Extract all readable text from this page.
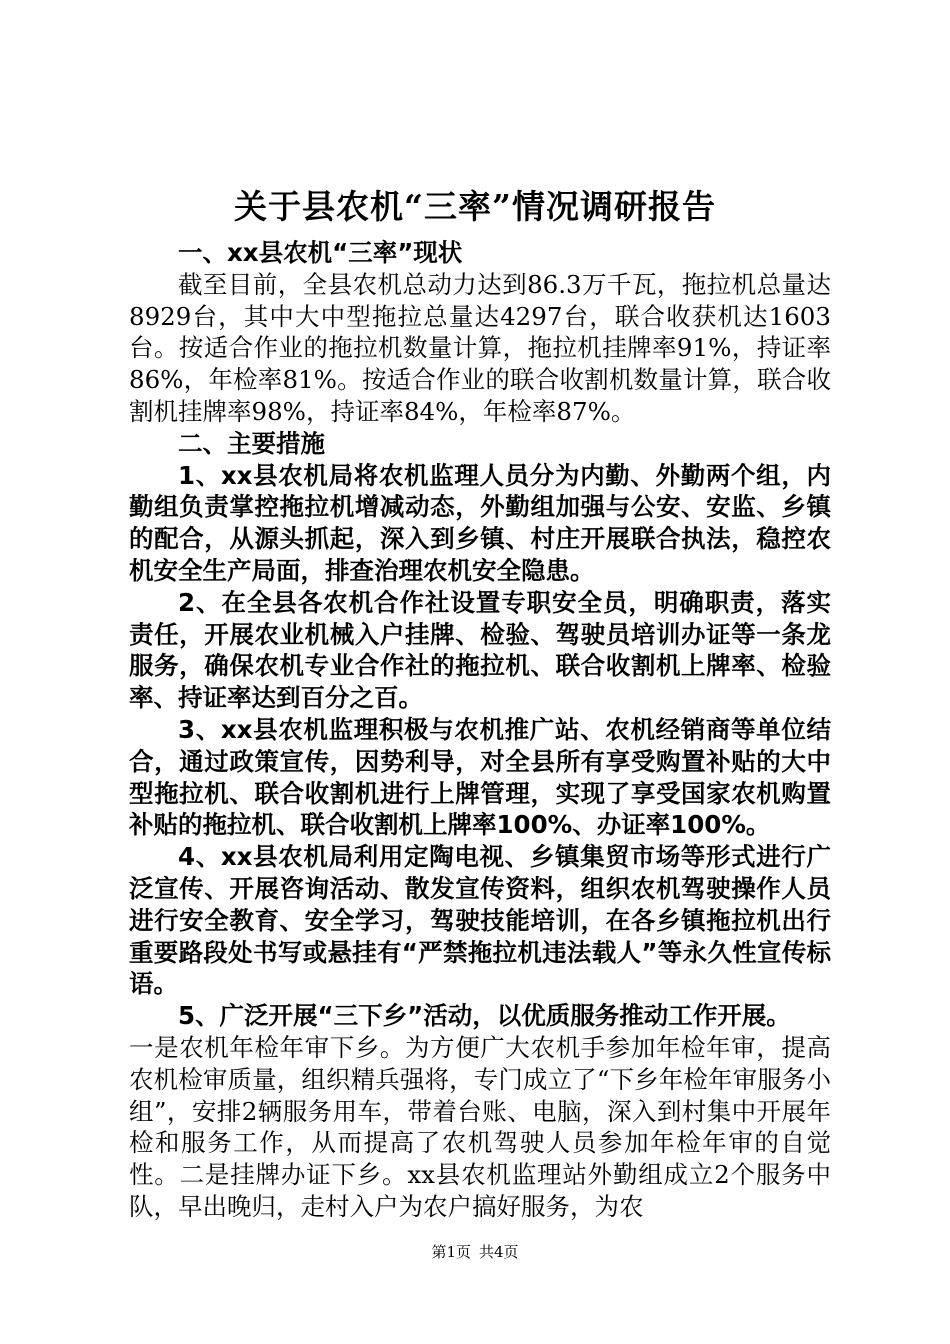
关于县农机“三率”情况调研报告

一、xx县农机“三率”现状

截至目前，全县农机总动力达到86.3万千瓦，拖拉机总量达8929台，其中大中型拖拉总量达4297台，联合收获机达1603台。按适合作业的拖拉机数量计算，拖拉机挂牌率91%，持证率86%，年检率81%。按适合作业的联合收割机数量计算，联合收割机挂牌率98%，持证率84%，年检率87%。

二、主要措施

1、xx县农机局将农机监理人员分为内勤、外勤两个组，内勤组负责掌控拖拉机增减动态，外勤组加强与公安、安监、乡镇的配合，从源头抓起，深入到乡镇、村庄开展联合执法，稳控农机安全生产局面，排查治理农机安全隐患。

2、在全县各农机合作社设置专职安全员，明确职责，落实责任，开展农业机械入户挂牌、检验、驾驶员培训办证等一条龙服务，确保农机专业合作社的拖拉机、联合收割机上牌率、检验率、持证率达到百分之百。

3、xx县农机监理积极与农机推广站、农机经销商等单位结合，通过政策宣传，因势利导，对全县所有享受购置补贴的大中型拖拉机、联合收割机进行上牌管理，实现了享受国家农机购置补贴的拖拉机、联合收割机上牌率100%、办证率100%。

4、xx县农机局利用定陶电视、乡镇集贸市场等形式进行广泛宣传、开展咨询活动、散发宣传资料，组织农机驾驶操作人员进行安全教育、安全学习，驾驶技能培训，在各乡镇拖拉机出行重要路段处书写或悬挂有“严禁拖拉机违法载人”等永久性宣传标语。

5、广泛开展“三下乡”活动，以优质服务推动工作开展。

一是农机年检年审下乡。为方便广大农机手参加年检年审，提高农机检审质量，组织精兵强将，专门成立了“下乡年检年审服务小组”，安排2辆服务用车，带着台账、电脑，深入到村集中开展年检和服务工作，从而提高了农机驾驶人员参加年检年审的自觉性。二是挂牌办证下乡。xx县农机监理站外勤组成立2个服务中队，早出晚归，走村入户为农户搞好服务，为农

第1页 共4页
